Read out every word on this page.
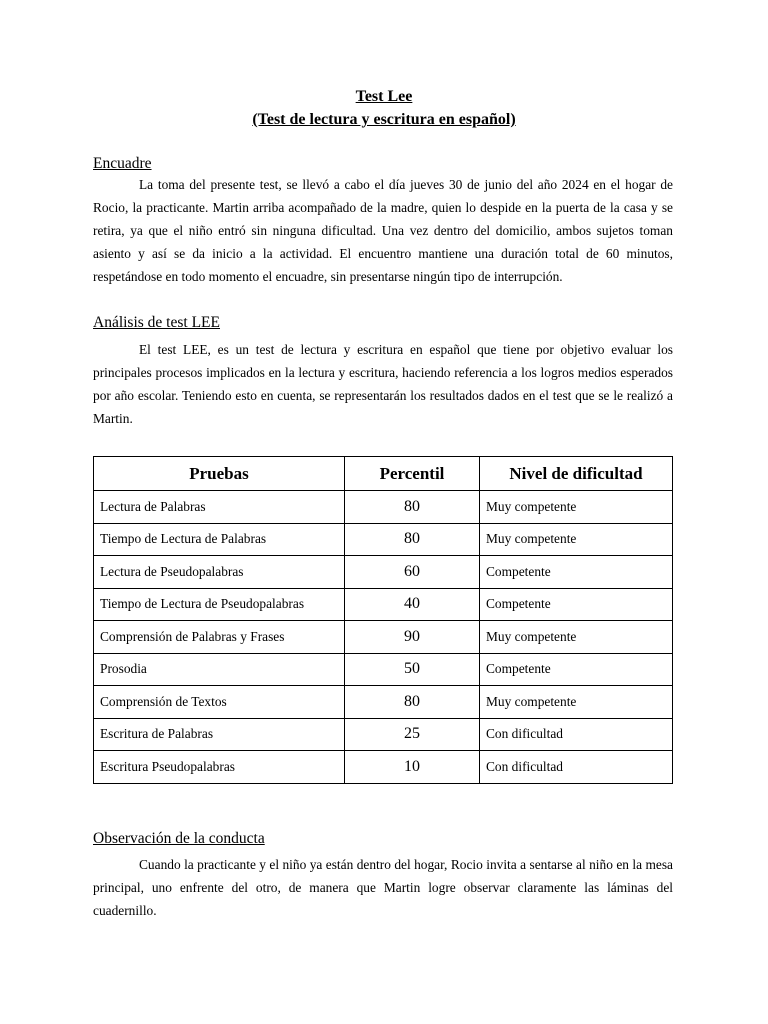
Test Lee
(Test de lectura y escritura en español)
Encuadre

La toma del presente test, se llevó a cabo el día jueves 30 de junio del año 2024 en el hogar de Rocio, la practicante. Martin arriba acompañado de la madre, quien lo despide en la puerta de la casa y se retira, ya que el niño entró sin ninguna dificultad. Una vez dentro del domicilio, ambos sujetos toman asiento y así se da inicio a la actividad. El encuentro mantiene una duración total de 60 minutos, respetándose en todo momento el encuadre, sin presentarse ningún tipo de interrupción.

Análisis de test LEE

El test LEE, es un test de lectura y escritura en español que tiene por objetivo evaluar los principales procesos implicados en la lectura y escritura, haciendo referencia a los logros medios esperados por año escolar. Teniendo esto en cuenta, se representarán los resultados dados en el test que se le realizó a Martin.

Pruebas	Percentil	Nivel de dificultad
Lectura de Palabras	80	Muy competente
Tiempo de Lectura de Palabras	80	Muy competente
Lectura de Pseudopalabras	60	Competente
Tiempo de Lectura de Pseudopalabras	40	Competente
Comprensión de Palabras y Frases	90	Muy competente
Prosodia	50	Competente
Comprensión de Textos	80	Muy competente
Escritura de Palabras	25	Con dificultad
Escritura Pseudopalabras	10	Con dificultad
Observación de la conducta

Cuando la practicante y el niño ya están dentro del hogar, Rocio invita a sentarse al niño en la mesa principal, uno enfrente del otro, de manera que Martin logre observar claramente las láminas del cuadernillo.
